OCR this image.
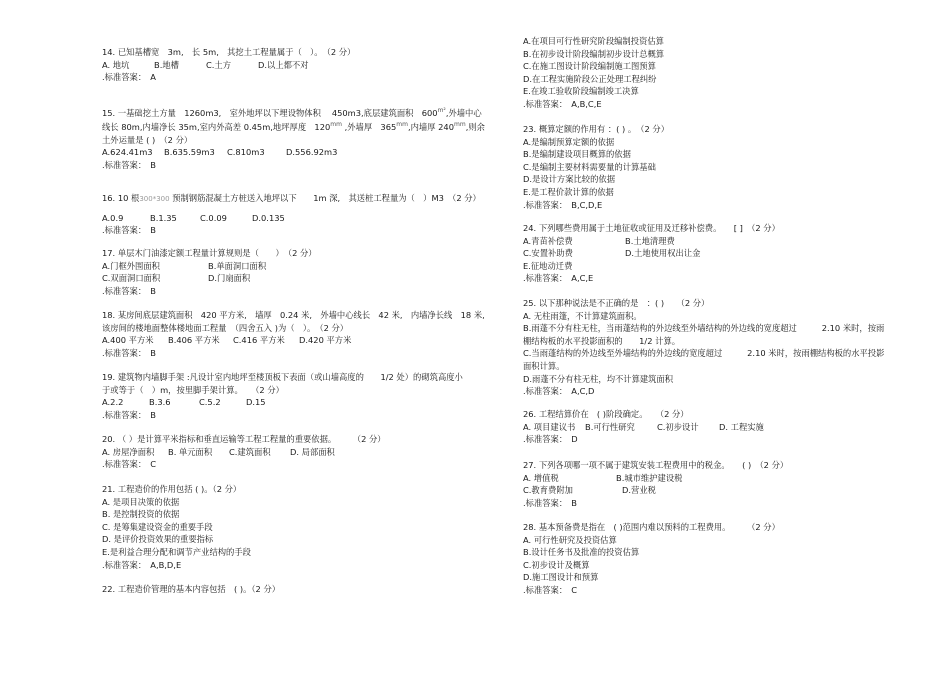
14. 已知基槽宽　3m,　长 5m,　其挖土工程量属于（　）。　（2 分）
A. 地坑	B.地槽	C.土方	D.以上都不对
.标准答案：　A
15. 一基础挖土方量　1260m3,　室外地坪以下埋设物体积　 450m3,底层建筑面积　$600^{m^2}$,外墙中心
线长 80m,内墙净长 35m,室内外高差 0.45m,地坪厚度　$120^{mm}$ ,外墙厚　$365^{mm}$,内墙厚 $240^{mm}$,则余
土外运量是 ( )　（2 分）
A.624.41m3 B.635.59m3 C.810m3	D.556.92m3
.标准答案：　B
16. 10 根300*300 预制钢筋混凝土方桩送入地坪以下　　1m 深,　其送桩工程量为（　）M3　（2 分）
A.0.9	B.1.35	C.0.09	D.0.135
.标准答案：　B
17. 单层木门油漆定额工程量计算规则是（　　）　（2 分）
A.门框外围面积	B.单面洞口面积
C.双面洞口面积	D.门扇面积
.标准答案：　B
18. 某房间底层建筑面积　420 平方米,　墙厚　0.24 米,　外墙中心线长　42 米,　内墙净长线　18 米,
该房间的楼地面整体楼地面工程量　（四舍五入 )为（　）。　（2 分）
A.400 平方米 B.406 平方米 C.416 平方米 D.420 平方米
.标准答案：　B
19. 建筑物内墙脚手架 :凡设计室内地坪至楼顶板下表面（或山墙高度的　　1/2 处）的砌筑高度小
于或等于（　）m，按里脚手架计算。　　（2 分）
A.2.2	B.3.6	C.5.2	D.15
.标准答案：　B
20. （ ）是计算平米指标和垂直运输等工程工程量的重要依据。　　　（2 分）
A. 房屋净面积 B. 单元面积 C.建筑面积 D. 局部面积
.标准答案：　C
21. 工程造价的作用包括 ( )。（2 分）
A. 是项目决策的依据
B. 是控制投资的依据
C. 是筹集建设资金的重要手段
D. 是评价投资效果的重要指标
E.是利益合理分配和调节产业结构的手段
.标准答案：　A,B,D,E
22. 工程造价管理的基本内容包括　( )。（2 分）
A.在项目可行性研究阶段编制投资估算
B.在初步设计阶段编制初步设计总概算
C.在施工图设计阶段编制施工图预算
D.在工程实施阶段公正处理工程纠纷
E.在竣工验收阶段编制竣工决算
.标准答案：　A,B,C,E
23. 概算定额的作用有 ：( ) 。　（2 分）
A.是编制预算定额的依据
B.是编制建设项目概算的依据
C.是编制主要材料需要量的计算基础
D.是设计方案比较的依据
E.是工程价款计算的依据
.标准答案：　B,C,D,E
24. 下列哪些费用属于土地征收或征用及迁移补偿费。　　[ ]　（2 分）
A.青苗补偿费	B.土地清理费
C.安置补助费	D.土地使用权出让金
E.征地动迁费
.标准答案：　A,C,E
25. 以下那种说法是不正确的是　：( )　　（2 分）
A. 无柱雨篷，不计算建筑面积。
B.雨蓬不分有柱无柱，当雨蓬结构的外边线至外墙结构的外边线的宽度超过　　　2.10 米时，按雨
棚结构板的水平投影面积的　　1/2 计算。
C.当雨蓬结构的外边线至外墙结构的外边线的宽度超过　　　2.10 米时，按雨棚结构板的水平投影
面积计算。
D.雨蓬不分有柱无柱，均不计算建筑面积
.标准答案：　A,C,D
26. 工程结算价在　( )阶段确定。　　（2 分）
A. 项目建议书 B.可行性研究	C.初步设计 D. 工程实施
.标准答案：　D
27. 下列各项哪一项不属于建筑安装工程费用中的税金。　　( )　（2 分）
A. 增值税	B.城市维护建设税
C.教育费附加	D.营业税
.标准答案：　B
28. 基本预备费是指在　( )范围内难以预料的工程费用。　　　（2 分）
A. 可行性研究及投资估算
B.设计任务书及批准的投资估算
C.初步设计及概算
D.施工图设计和预算
.标准答案：　C
